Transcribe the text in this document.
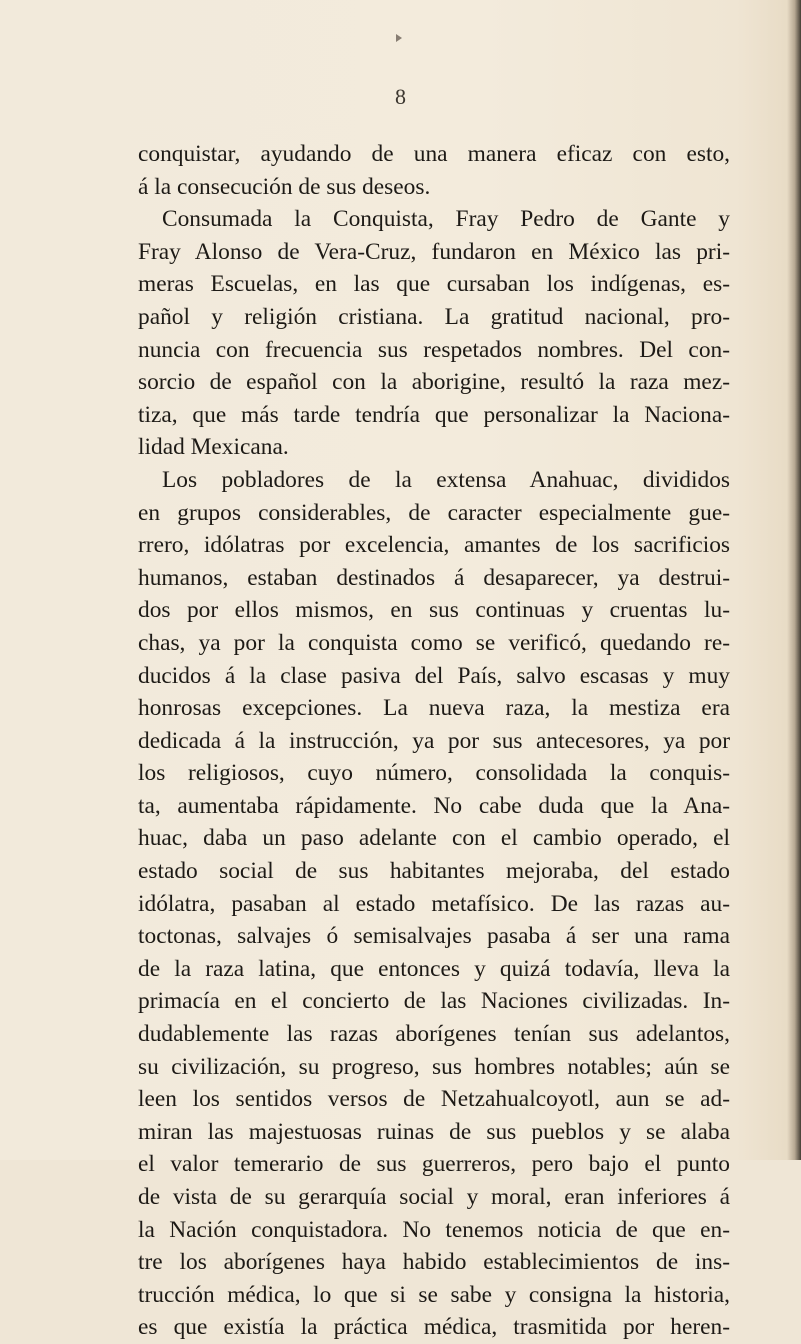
8
conquistar, ayudando de una manera eficaz con esto,
á la consecución de sus deseos.
Consumada la Conquista, Fray Pedro de Gante y
Fray Alonso de Vera-Cruz, fundaron en México las pri-
meras Escuelas, en las que cursaban los indígenas, es-
pañol y religión cristiana. La gratitud nacional, pro-
nuncia con frecuencia sus respetados nombres. Del con-
sorcio de español con la aborigine, resultó la raza mez-
tiza, que más tarde tendría que personalizar la Naciona-
lidad Mexicana.
Los pobladores de la extensa Anahuac, divididos
en grupos considerables, de caracter especialmente gue-
rrero, idólatras por excelencia, amantes de los sacrificios
humanos, estaban destinados á desaparecer, ya destrui-
dos por ellos mismos, en sus continuas y cruentas lu-
chas, ya por la conquista como se verificó, quedando re-
ducidos á la clase pasiva del País, salvo escasas y muy
honrosas excepciones. La nueva raza, la mestiza era
dedicada á la instrucción, ya por sus antecesores, ya por
los religiosos, cuyo número, consolidada la conquis-
ta, aumentaba rápidamente. No cabe duda que la Ana-
huac, daba un paso adelante con el cambio operado, el
estado social de sus habitantes mejoraba, del estado
idólatra, pasaban al estado metafísico. De las razas au-
toctonas, salvajes ó semisalvajes pasaba á ser una rama
de la raza latina, que entonces y quizá todavía, lleva la
primacía en el concierto de las Naciones civilizadas. In-
dudablemente las razas aborígenes tenían sus adelantos,
su civilización, su progreso, sus hombres notables; aún se
leen los sentidos versos de Netzahualcoyotl, aun se ad-
miran las majestuosas ruinas de sus pueblos y se alaba
el valor temerario de sus guerreros, pero bajo el punto
de vista de su gerarquía social y moral, eran inferiores á
la Nación conquistadora. No tenemos noticia de que en-
tre los aborígenes haya habido establecimientos de ins-
trucción médica, lo que si se sabe y consigna la historia,
es que existía la práctica médica, trasmitida por heren-
